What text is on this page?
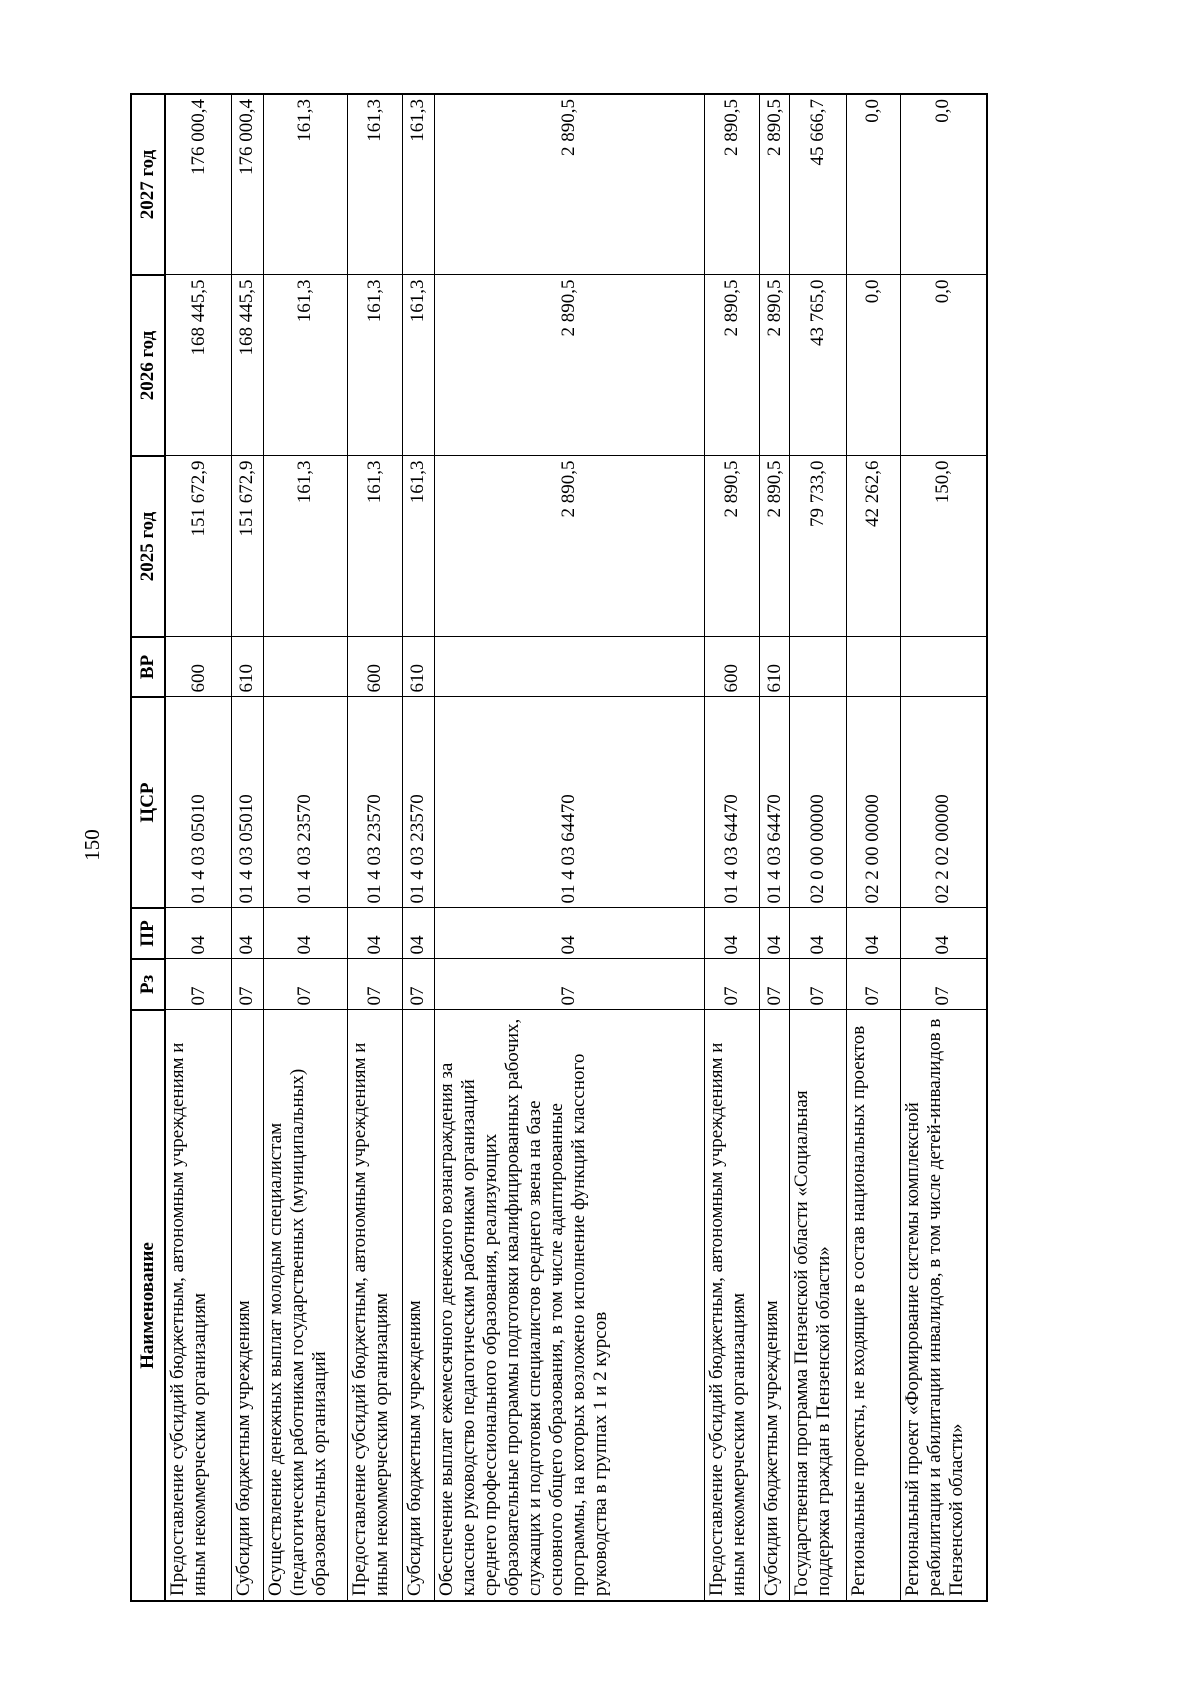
150
Наименование	Рз	ПР	ЦСР	ВР	2025 год	2026 год	2027 год
Предоставление субсидий бюджетным, автономным учреждениям и иным некоммерческим организациям	07	04	01 4 03 05010	600	151 672,9	168 445,5	176 000,4
Субсидии бюджетным учреждениям	07	04	01 4 03 05010	610	151 672,9	168 445,5	176 000,4
Осуществление денежных выплат молодым специалистам (педагогическим работникам государственных (муниципальных) образовательных организаций	07	04	01 4 03 23570		161,3	161,3	161,3
Предоставление субсидий бюджетным, автономным учреждениям и иным некоммерческим организациям	07	04	01 4 03 23570	600	161,3	161,3	161,3
Субсидии бюджетным учреждениям	07	04	01 4 03 23570	610	161,3	161,3	161,3
Обеспечение выплат ежемесячного денежного вознаграждения за классное руководство педагогическим работникам организаций среднего профессионального образования, реализующих образовательные программы подготовки квалифицированных рабочих, служащих и подготовки специалистов среднего звена на базе основного общего образования, в том числе адаптированные программы, на которых возложено исполнение функций классного руководства в группах 1 и 2 курсов	07	04	01 4 03 64470		2 890,5	2 890,5	2 890,5
Предоставление субсидий бюджетным, автономным учреждениям и иным некоммерческим организациям	07	04	01 4 03 64470	600	2 890,5	2 890,5	2 890,5
Субсидии бюджетным учреждениям	07	04	01 4 03 64470	610	2 890,5	2 890,5	2 890,5
Государственная программа Пензенской области «Социальная поддержка граждан в Пензенской области»	07	04	02 0 00 00000		79 733,0	43 765,0	45 666,7
Региональные проекты, не входящие в состав национальных проектов	07	04	02 2 00 00000		42 262,6	0,0	0,0
Региональный проект «Формирование системы комплексной реабилитации и абилитации инвалидов, в том числе детей-инвалидов в Пензенской области»	07	04	02 2 02 00000		150,0	0,0	0,0
